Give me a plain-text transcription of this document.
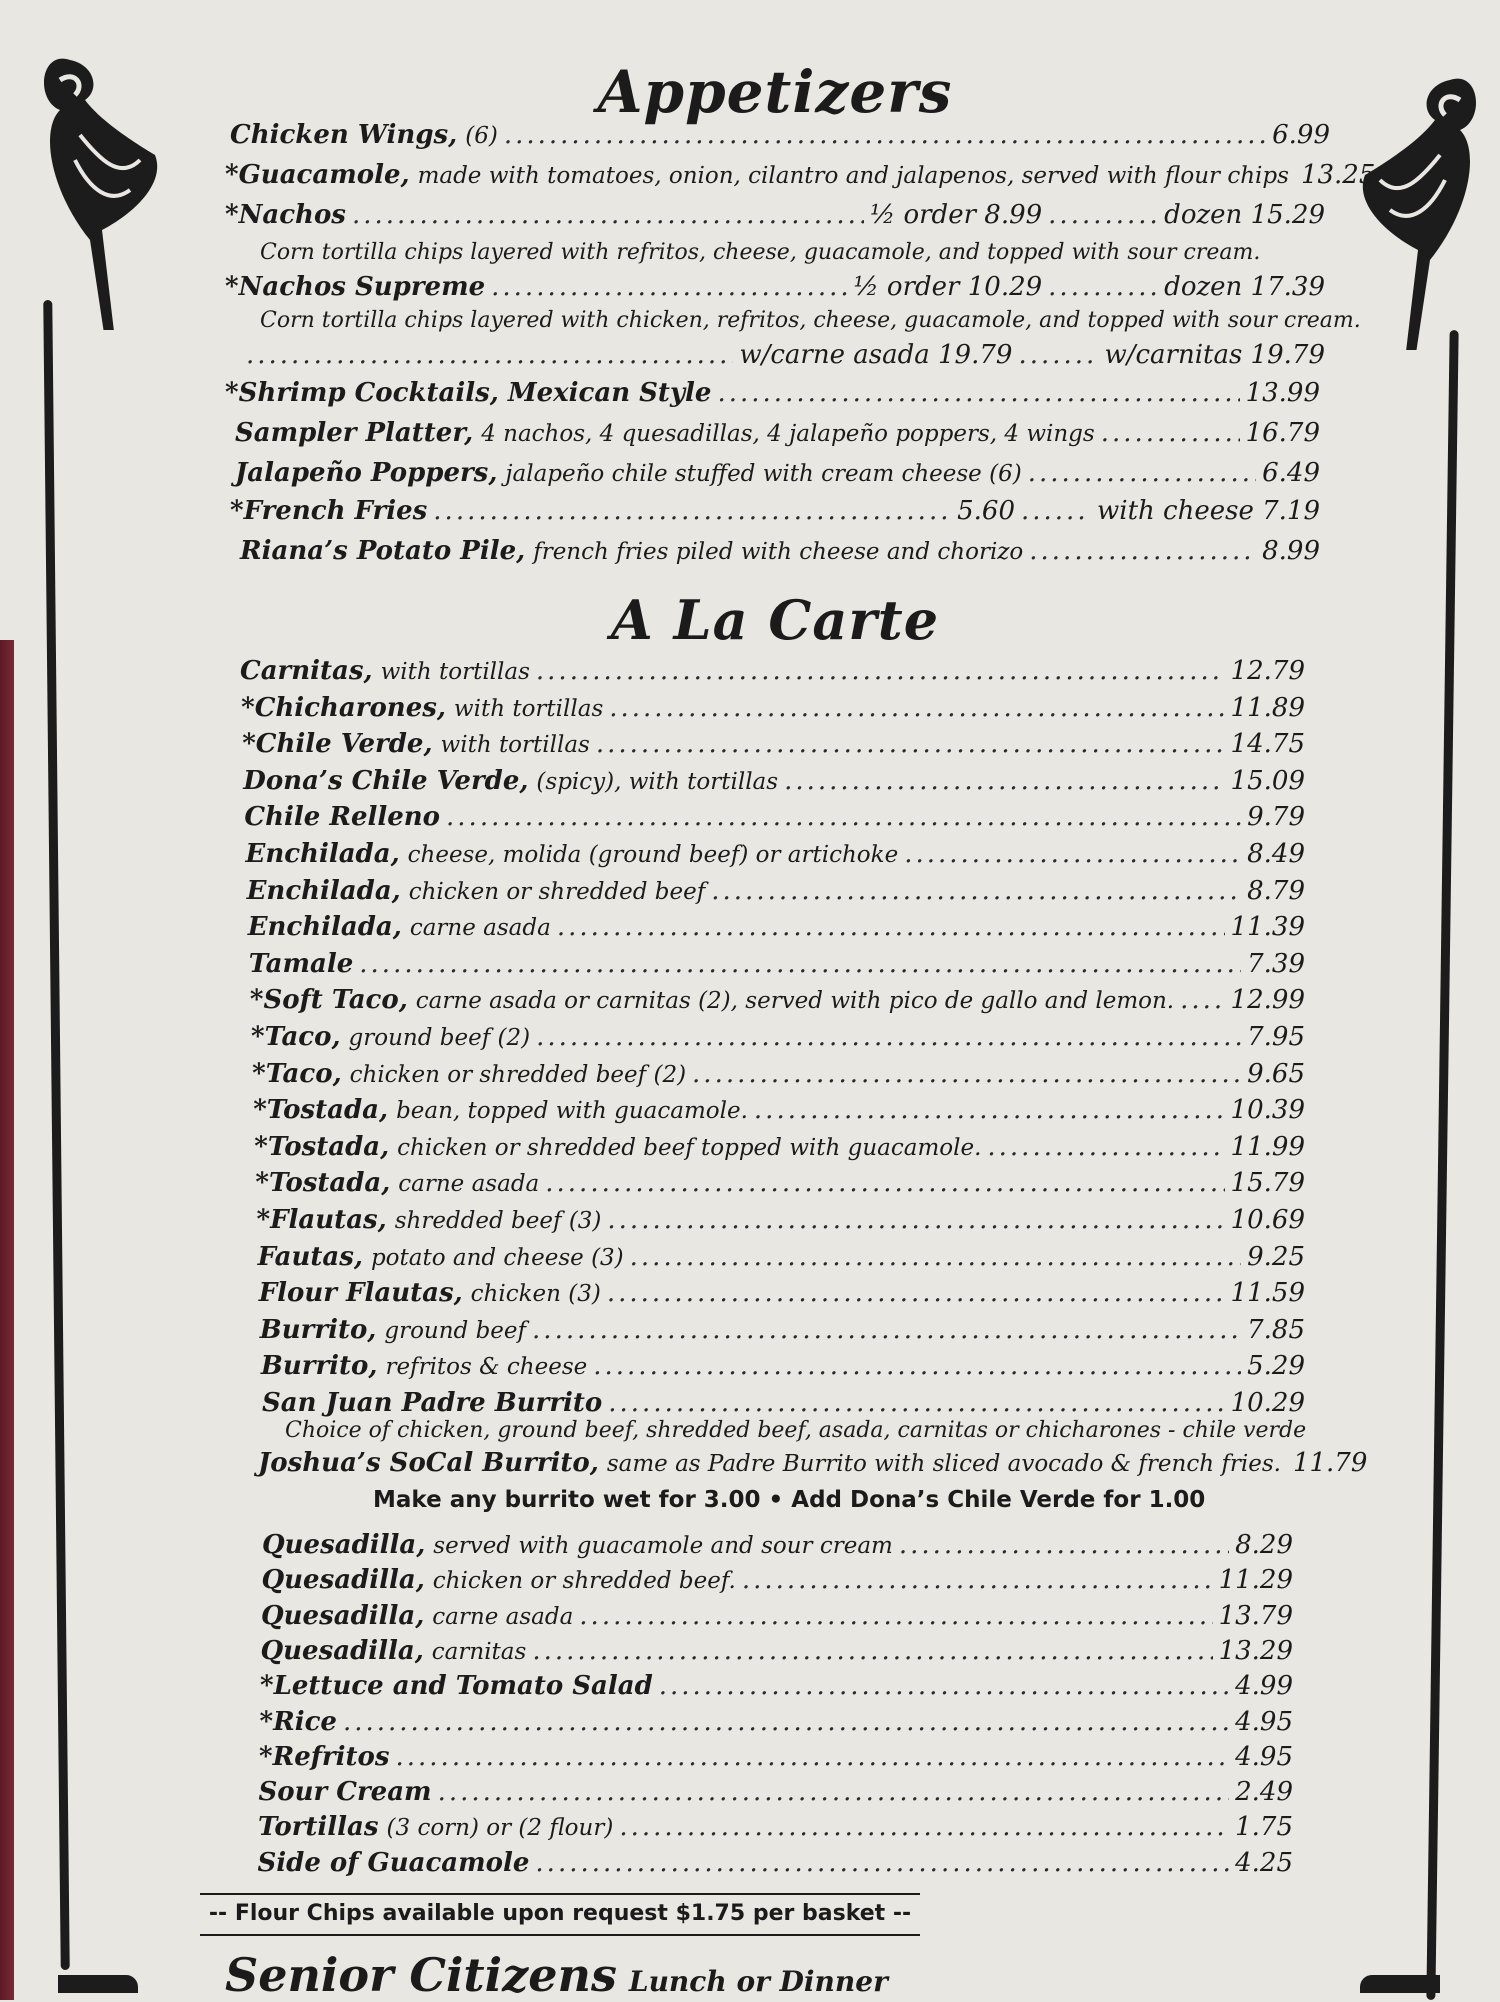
Appetizers
Chicken Wings, (6) .....	6.99
*Guacamole, made with tomatoes, onion, cilantro and jalapenos, served with flour chips 13.25
*Nachos .....	½ order 8.99 .....	dozen 15.29
Corn tortilla chips layered with refritos, cheese, guacamole, and topped with sour cream.
*Nachos Supreme .....	½ order 10.29 .....	dozen 17.39
Corn tortilla chips layered with chicken, refritos, cheese, guacamole, and topped with sour cream.
.....
w/carne asada 19.79 .....	w/carnitas 19.79
*Shrimp Cocktails, Mexican Style .....	13.99
Sampler Platter, 4 nachos, 4 quesadillas, 4 jalapeño poppers, 4 wings .....	16.79
Jalapeño Poppers, jalapeño chile stuffed with cream cheese (6) .....	6.49
*French Fries .....	5.60 .....	with cheese 7.19
Riana’s Potato Pile, french fries piled with cheese and chorizo .....	8.99
A La Carte
Carnitas, with tortillas .....	12.79
*Chicharones, with tortillas .....	11.89
*Chile Verde, with tortillas .....	14.75
Dona’s Chile Verde, (spicy), with tortillas .....	15.09
Chile Relleno .....	9.79
Enchilada, cheese, molida (ground beef) or artichoke .....	8.49
Enchilada, chicken or shredded beef .....	8.79
Enchilada, carne asada .....	11.39
Tamale .....	7.39
*Soft Taco, carne asada or carnitas (2), served with pico de gallo and lemon. ..... 12.99
*Taco, ground beef (2) .....	7.95
*Taco, chicken or shredded beef (2) .....	9.65
*Tostada, bean, topped with guacamole. .....	10.39
*Tostada, chicken or shredded beef topped with guacamole. .....	11.99
*Tostada, carne asada .....	15.79
*Flautas, shredded beef (3) .....	10.69
Fautas, potato and cheese (3) .....	9.25
Flour Flautas, chicken (3) .....	11.59
Burrito, ground beef .....	7.85
Burrito, refritos & cheese .....	5.29
San Juan Padre Burrito .....	10.29
Choice of chicken, ground beef, shredded beef, asada, carnitas or chicharones - chile verde
Joshua’s SoCal Burrito, same as Padre Burrito with sliced avocado & french fries. 11.79
Make any burrito wet for 3.00 • Add Dona’s Chile Verde for 1.00
Quesadilla, served with guacamole and sour cream .....	8.29
Quesadilla, chicken or shredded beef. .....	11.29
Quesadilla, carne asada .....	13.79
Quesadilla, carnitas .....	13.29
*Lettuce and Tomato Salad .....	4.99
*Rice .....	4.95
*Refritos .....	4.95
Sour Cream .....	2.49
Tortillas (3 corn) or (2 flour) .....	1.75
Side of Guacamole .....	4.25
-- Flour Chips available upon request $1.75 per basket --
Senior Citizens Lunch or Dinner
